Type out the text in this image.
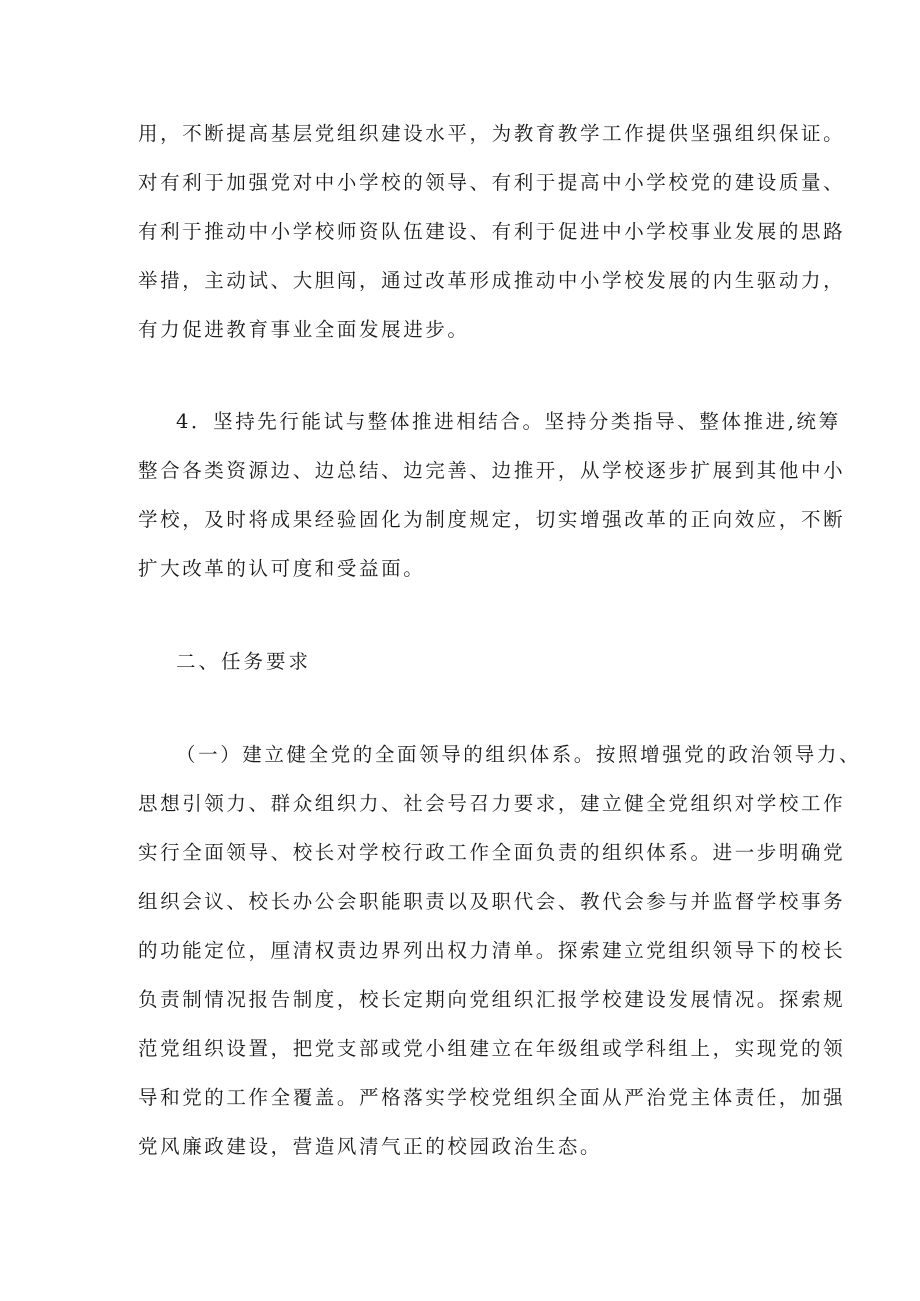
用，不断提高基层党组织建设水平，为教育教学工作提供坚强组织保证。
对有利于加强党对中小学校的领导、有利于提高中小学校党的建设质量、
有利于推动中小学校师资队伍建设、有利于促进中小学校事业发展的思路
举措，主动试、大胆闯，通过改革形成推动中小学校发展的内生驱动力，
有力促进教育事业全面发展进步。
4．坚持先行能试与整体推进相结合。坚持分类指导、整体推进,统筹
整合各类资源边、边总结、边完善、边推开，从学校逐步扩展到其他中小
学校，及时将成果经验固化为制度规定，切实增强改革的正向效应，不断
扩大改革的认可度和受益面。
二、任务要求
（一）建立健全党的全面领导的组织体系。按照增强党的政治领导力、
思想引领力、群众组织力、社会号召力要求，建立健全党组织对学校工作
实行全面领导、校长对学校行政工作全面负责的组织体系。进一步明确党
组织会议、校长办公会职能职责以及职代会、教代会参与并监督学校事务
的功能定位，厘清权责边界列出权力清单。探索建立党组织领导下的校长
负责制情况报告制度，校长定期向党组织汇报学校建设发展情况。探索规
范党组织设置，把党支部或党小组建立在年级组或学科组上，实现党的领
导和党的工作全覆盖。严格落实学校党组织全面从严治党主体责任，加强
党风廉政建设，营造风清气正的校园政治生态。
